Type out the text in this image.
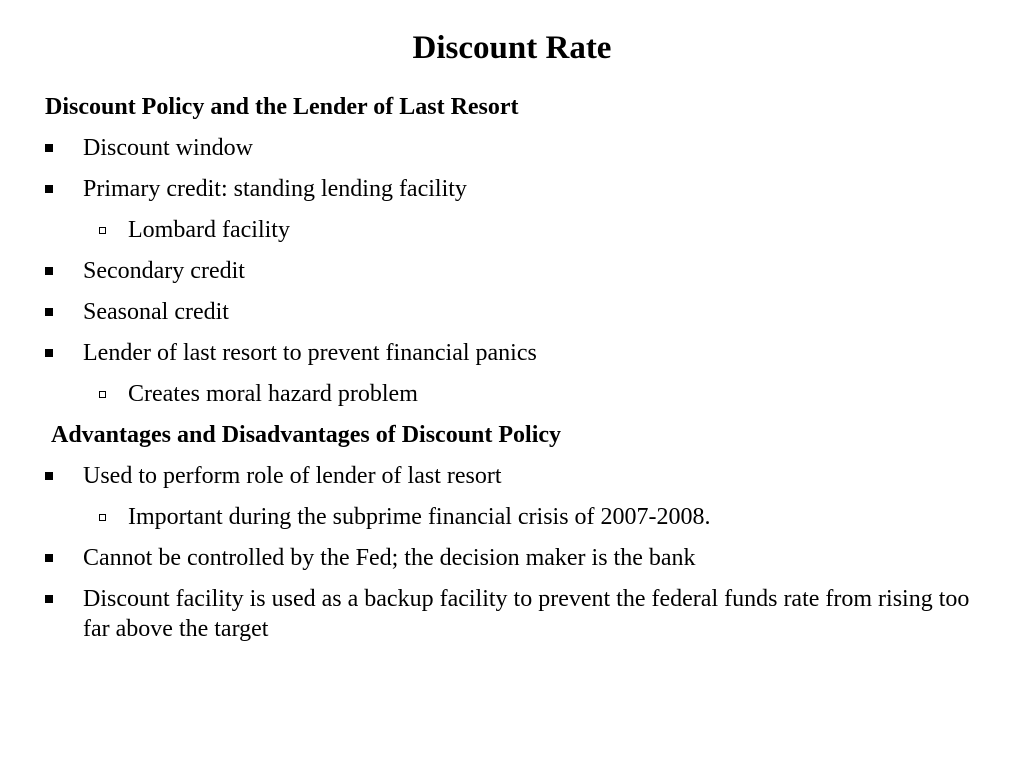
Discount Rate
Discount Policy and the Lender of Last Resort
Discount window
Primary credit: standing lending facility
Lombard facility
Secondary credit
Seasonal credit
Lender of last resort to prevent financial panics
Creates moral hazard problem
Advantages and Disadvantages of Discount Policy
Used to perform role of lender of last resort
Important during the subprime financial crisis of 2007-2008.
Cannot be controlled by the Fed; the decision maker is the bank
Discount facility is used as a backup facility to prevent the federal funds rate from rising too far above the target
